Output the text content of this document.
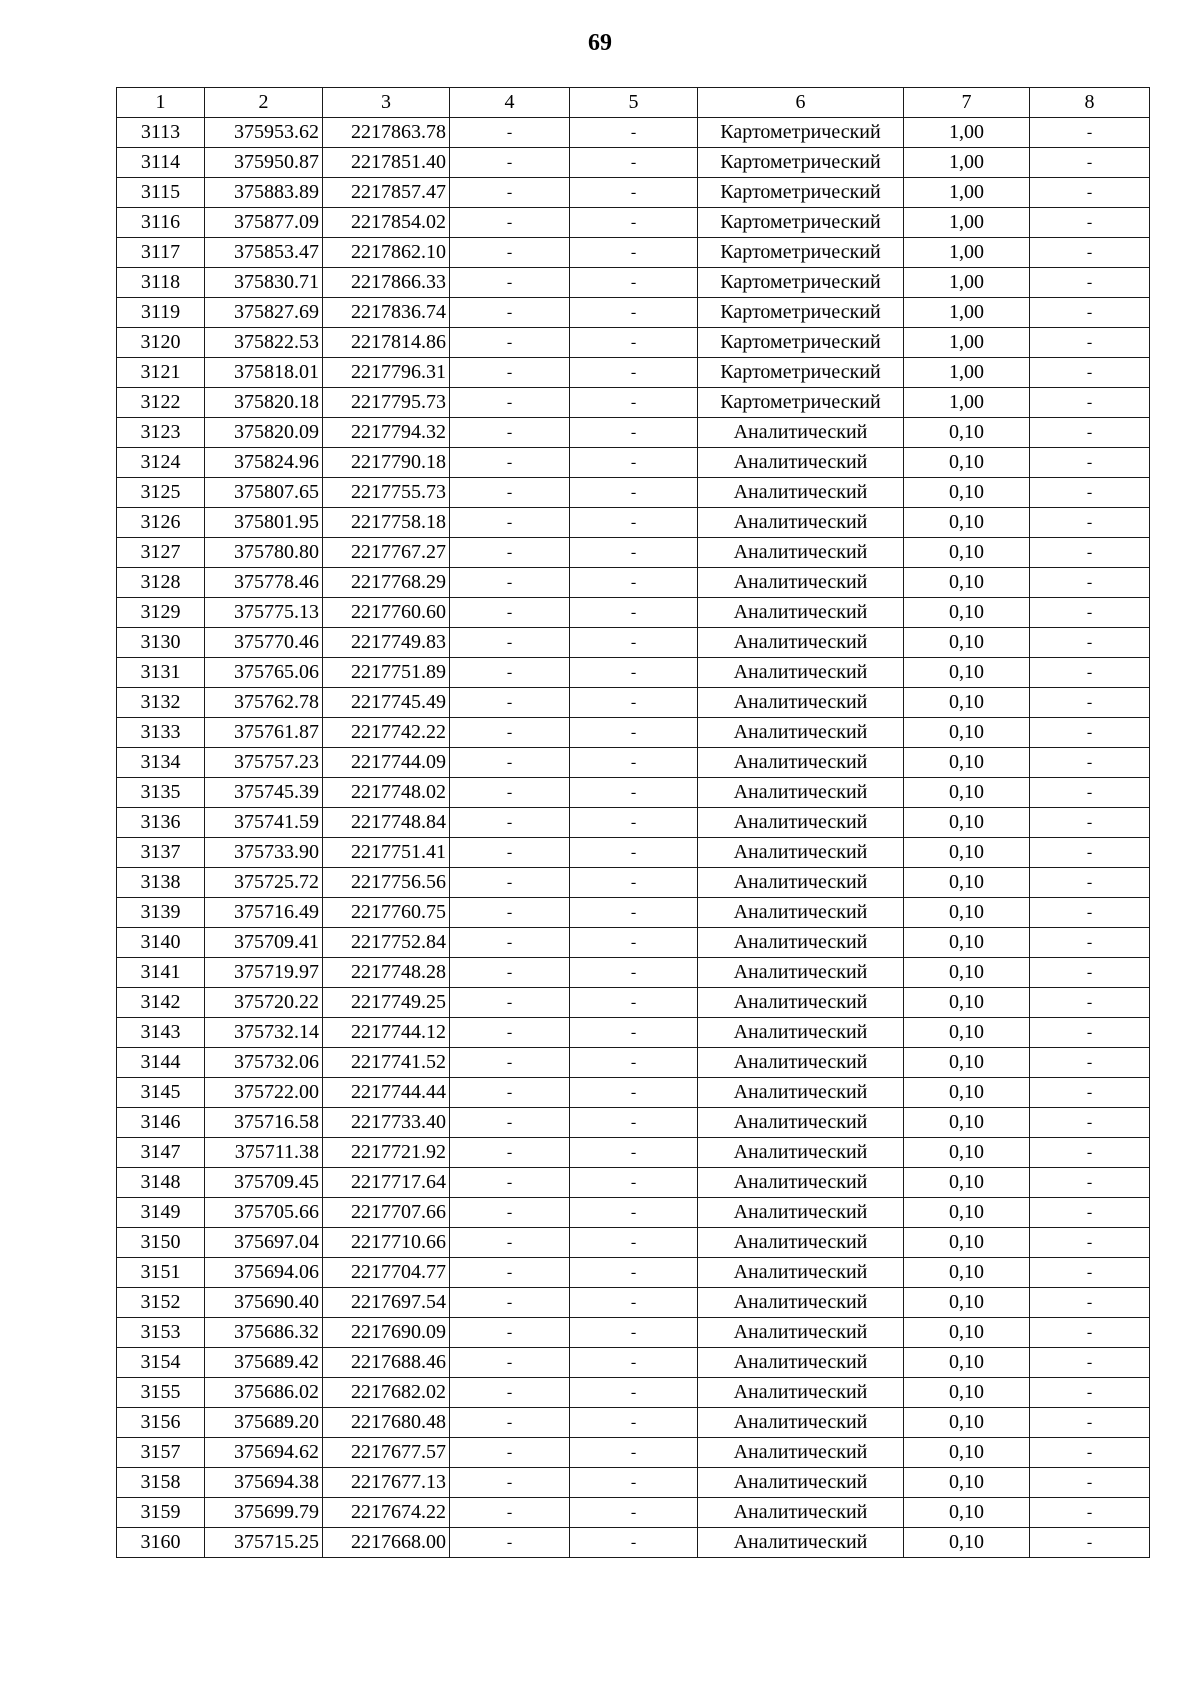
69
1	2	3	4	5	6	7	8
3113	375953.62	2217863.78	-	-	Картометрический	1,00	-
3114	375950.87	2217851.40	-	-	Картометрический	1,00	-
3115	375883.89	2217857.47	-	-	Картометрический	1,00	-
3116	375877.09	2217854.02	-	-	Картометрический	1,00	-
3117	375853.47	2217862.10	-	-	Картометрический	1,00	-
3118	375830.71	2217866.33	-	-	Картометрический	1,00	-
3119	375827.69	2217836.74	-	-	Картометрический	1,00	-
3120	375822.53	2217814.86	-	-	Картометрический	1,00	-
3121	375818.01	2217796.31	-	-	Картометрический	1,00	-
3122	375820.18	2217795.73	-	-	Картометрический	1,00	-
3123	375820.09	2217794.32	-	-	Аналитический	0,10	-
3124	375824.96	2217790.18	-	-	Аналитический	0,10	-
3125	375807.65	2217755.73	-	-	Аналитический	0,10	-
3126	375801.95	2217758.18	-	-	Аналитический	0,10	-
3127	375780.80	2217767.27	-	-	Аналитический	0,10	-
3128	375778.46	2217768.29	-	-	Аналитический	0,10	-
3129	375775.13	2217760.60	-	-	Аналитический	0,10	-
3130	375770.46	2217749.83	-	-	Аналитический	0,10	-
3131	375765.06	2217751.89	-	-	Аналитический	0,10	-
3132	375762.78	2217745.49	-	-	Аналитический	0,10	-
3133	375761.87	2217742.22	-	-	Аналитический	0,10	-
3134	375757.23	2217744.09	-	-	Аналитический	0,10	-
3135	375745.39	2217748.02	-	-	Аналитический	0,10	-
3136	375741.59	2217748.84	-	-	Аналитический	0,10	-
3137	375733.90	2217751.41	-	-	Аналитический	0,10	-
3138	375725.72	2217756.56	-	-	Аналитический	0,10	-
3139	375716.49	2217760.75	-	-	Аналитический	0,10	-
3140	375709.41	2217752.84	-	-	Аналитический	0,10	-
3141	375719.97	2217748.28	-	-	Аналитический	0,10	-
3142	375720.22	2217749.25	-	-	Аналитический	0,10	-
3143	375732.14	2217744.12	-	-	Аналитический	0,10	-
3144	375732.06	2217741.52	-	-	Аналитический	0,10	-
3145	375722.00	2217744.44	-	-	Аналитический	0,10	-
3146	375716.58	2217733.40	-	-	Аналитический	0,10	-
3147	375711.38	2217721.92	-	-	Аналитический	0,10	-
3148	375709.45	2217717.64	-	-	Аналитический	0,10	-
3149	375705.66	2217707.66	-	-	Аналитический	0,10	-
3150	375697.04	2217710.66	-	-	Аналитический	0,10	-
3151	375694.06	2217704.77	-	-	Аналитический	0,10	-
3152	375690.40	2217697.54	-	-	Аналитический	0,10	-
3153	375686.32	2217690.09	-	-	Аналитический	0,10	-
3154	375689.42	2217688.46	-	-	Аналитический	0,10	-
3155	375686.02	2217682.02	-	-	Аналитический	0,10	-
3156	375689.20	2217680.48	-	-	Аналитический	0,10	-
3157	375694.62	2217677.57	-	-	Аналитический	0,10	-
3158	375694.38	2217677.13	-	-	Аналитический	0,10	-
3159	375699.79	2217674.22	-	-	Аналитический	0,10	-
3160	375715.25	2217668.00	-	-	Аналитический	0,10	-
